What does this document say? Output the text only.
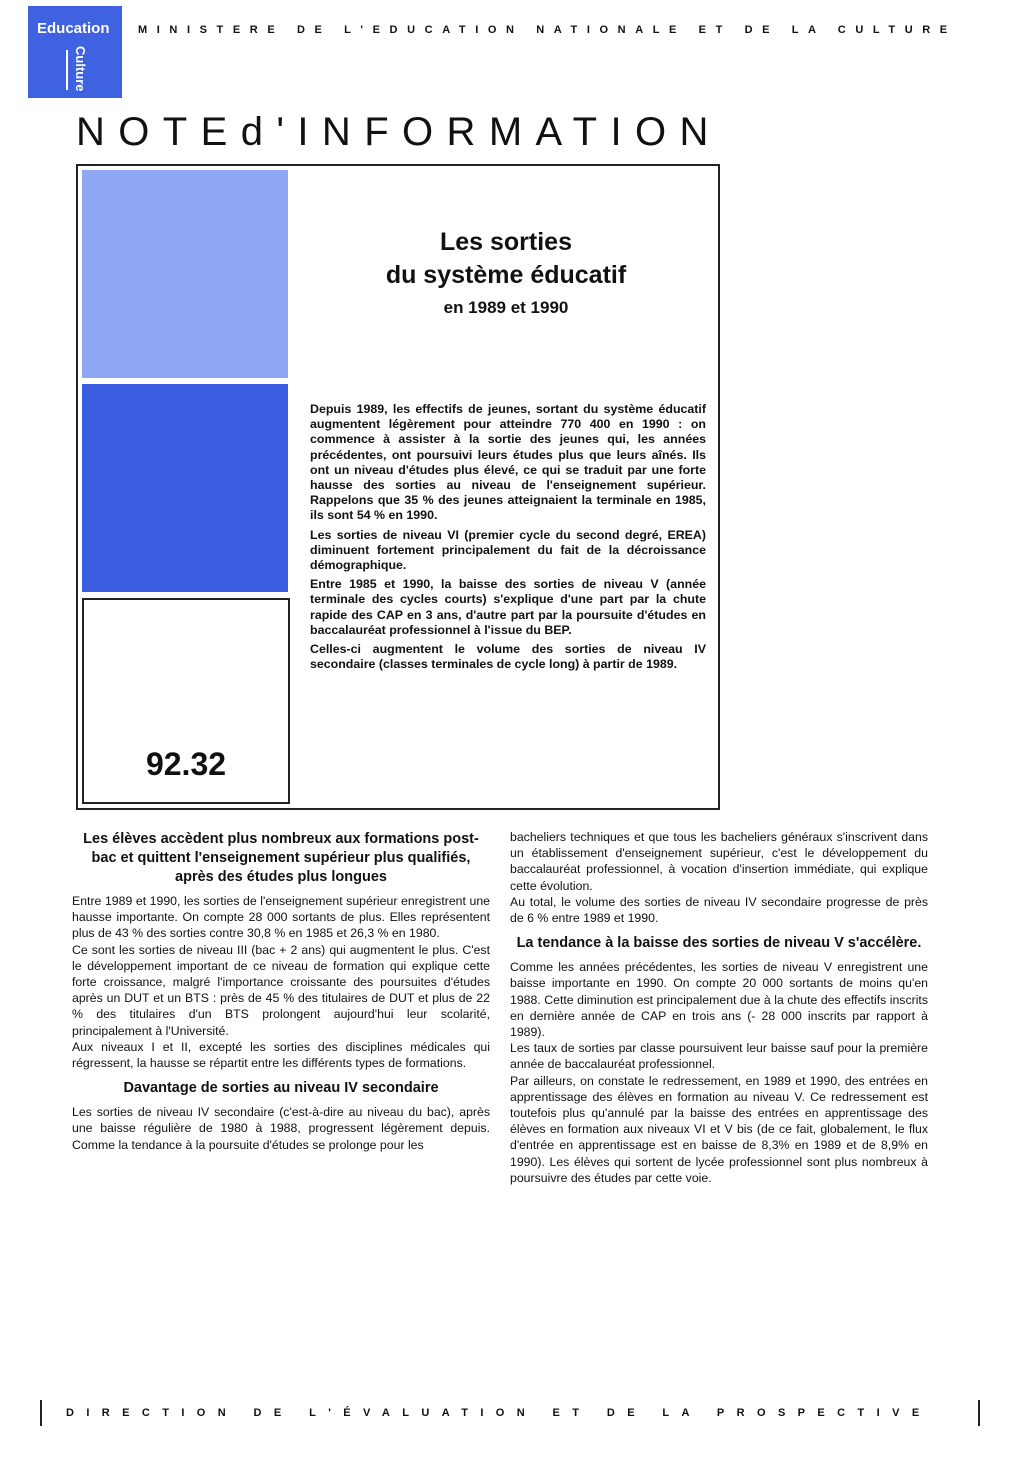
Education
Culture
MINISTERE DE L'EDUCATION NATIONALE ET DE LA CULTURE
NOTEd'INFORMATION
92.32
Les sorties
du système éducatif
en 1989 et 1990

Depuis 1989, les effectifs de jeunes, sortant du système éducatif augmentent légèrement pour atteindre 770 400 en 1990 : on commence à assister à la sortie des jeunes qui, les années précédentes, ont poursuivi leurs études plus que leurs aînés. Ils ont un niveau d'études plus élevé, ce qui se traduit par une forte hausse des sorties au niveau de l'enseignement supérieur. Rappelons que 35 % des jeunes atteignaient la terminale en 1985, ils sont 54 % en 1990.

Les sorties de niveau VI (premier cycle du second degré, EREA) diminuent fortement principalement du fait de la décroissance démographique.

Entre 1985 et 1990, la baisse des sorties de niveau V (année terminale des cycles courts) s'explique d'une part par la chute rapide des CAP en 3 ans, d'autre part par la poursuite d'études en baccalauréat professionnel à l'issue du BEP.

Celles-ci augmentent le volume des sorties de niveau IV secondaire (classes terminales de cycle long) à partir de 1989.

Les élèves accèdent plus nombreux aux formations post-bac et quittent l'enseignement supérieur plus qualifiés, après des études plus longues

Entre 1989 et 1990, les sorties de l'enseignement supérieur enregistrent une hausse importante. On compte 28 000 sortants de plus. Elles représentent plus de 43 % des sorties contre 30,8 % en 1985 et 26,3 % en 1980.

Ce sont les sorties de niveau III (bac + 2 ans) qui augmentent le plus. C'est le développement important de ce niveau de formation qui explique cette forte croissance, malgré l'importance croissante des poursuites d'études après un DUT et un BTS : près de 45 % des titulaires de DUT et plus de 22 % des titulaires d'un BTS prolongent aujourd'hui leur scolarité, principalement à l'Université.

Aux niveaux I et II, excepté les sorties des disciplines médicales qui régressent, la hausse se répartit entre les différents types de formations.

Davantage de sorties au niveau IV secondaire

Les sorties de niveau IV secondaire (c'est-à-dire au niveau du bac), après une baisse régulière de 1980 à 1988, progressent légèrement depuis. Comme la tendance à la poursuite d'études se prolonge pour les

bacheliers techniques et que tous les bacheliers généraux s'inscrivent dans un établissement d'enseignement supérieur, c'est le développement du baccalauréat professionnel, à vocation d'insertion immédiate, qui explique cette évolution.

Au total, le volume des sorties de niveau IV secondaire progresse de près de 6 % entre 1989 et 1990.

La tendance à la baisse des sorties de niveau V s'accélère.

Comme les années précédentes, les sorties de niveau V enregistrent une baisse importante en 1990. On compte 20 000 sortants de moins qu'en 1988. Cette diminution est principalement due à la chute des effectifs inscrits en dernière année de CAP en trois ans (- 28 000 inscrits par rapport à 1989).

Les taux de sorties par classe poursuivent leur baisse sauf pour la première année de baccalauréat professionnel.

Par ailleurs, on constate le redressement, en 1989 et 1990, des entrées en apprentissage des élèves en formation au niveau V. Ce redressement est toutefois plus qu'annulé par la baisse des entrées en apprentissage des élèves en formation aux niveaux VI et V bis (de ce fait, globalement, le flux d'entrée en apprentissage est en baisse de 8,3% en 1989 et de 8,9% en 1990). Les élèves qui sortent de lycée professionnel sont plus nombreux à poursuivre des études par cette voie.

DIRECTION DE L'ÉVALUATION ET DE LA PROSPECTIVE
